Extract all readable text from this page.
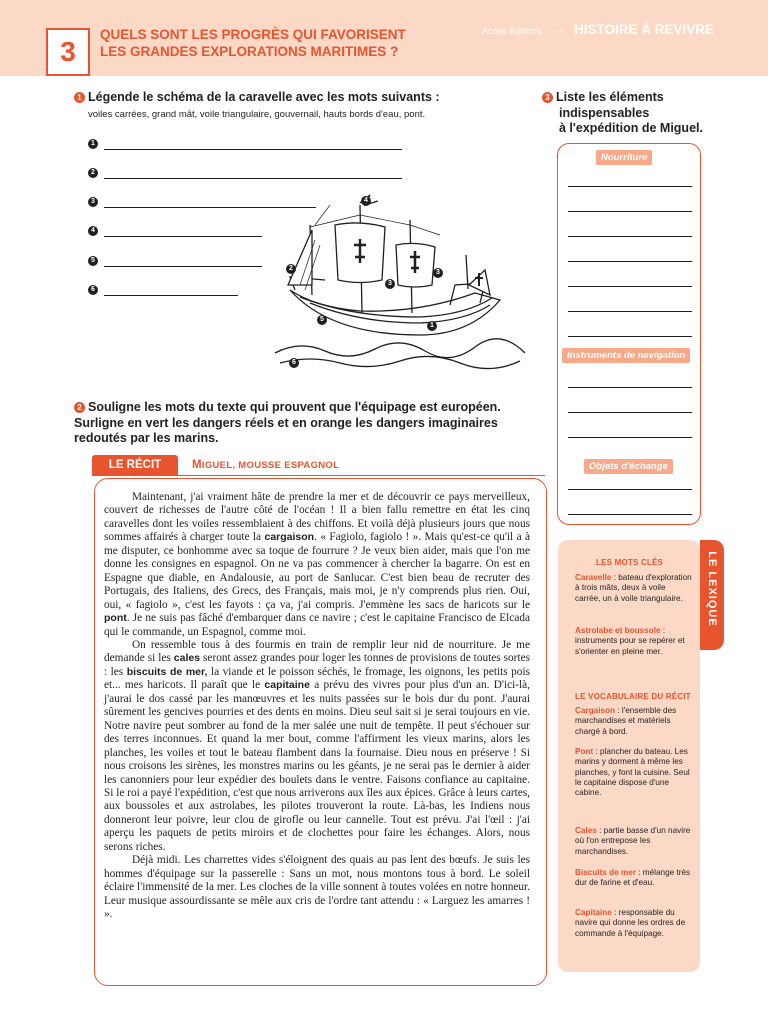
3
QUELS SONT LES PROGRÈS QUI FAVORISENT
LES GRANDES EXPLORATIONS MARITIMES ?
Accès Éditions ···› HISTOIRE À REVIVRE
1 Légende le schéma de la caravelle avec les mots suivants :
voiles carrées, grand mât, voile triangulaire, gouvernail, hauts bords d'eau, pont.
1
2
3
4
5
6
1
2
3
4
5
6
3
2 Souligne les mots du texte qui prouvent que l'équipage est européen. Surligne en vert les dangers réels et en orange les dangers imaginaires redoutés par les marins.
3 Liste les éléments
indispensables
à l'expédition de Miguel.
Nourriture
Instruments de navigation
Objets d'échange
LE RÉCIT	MIGUEL, MOUSSE ESPAGNOL

Maintenant, j'ai vraiment hâte de prendre la mer et de découvrir ce pays merveilleux, couvert de richesses de l'autre côté de l'océan ! Il a bien fallu remettre en état les cinq caravelles dont les voiles ressemblaient à des chiffons. Et voilà déjà plusieurs jours que nous sommes affairés à charger toute la cargaison. « Fagiolo, fagiolo ! ». Mais qu'est-ce qu'il a à me disputer, ce bonhomme avec sa toque de fourrure ? Je veux bien aider, mais que l'on me donne les consignes en espagnol. On ne va pas commencer à chercher la bagarre. On est en Espagne que diable, en Andalousie, au port de Sanlucar. C'est bien beau de recruter des Portugais, des Italiens, des Grecs, des Français, mais moi, je n'y comprends plus rien. Oui, oui, « fagiolo », c'est les fayots : ça va, j'ai compris. J'emmène les sacs de haricots sur le pont. Je ne suis pas fâché d'embarquer dans ce navire ; c'est le capitaine Francisco de Elcada qui le commande, un Espagnol, comme moi.

On ressemble tous à des fourmis en train de remplir leur nid de nourriture. Je me demande si les cales seront assez grandes pour loger les tonnes de provisions de toutes sortes : les biscuits de mer, la viande et le poisson séchés, le fromage, les oignons, les petits pois et... mes haricots. Il paraît que le capitaine a prévu des vivres pour plus d'un an. D'ici-là, j'aurai le dos cassé par les manœuvres et les nuits passées sur le bois dur du pont. J'aurai sûrement les gencives pourries et des dents en moins. Dieu seul sait si je serai toujours en vie. Notre navire peut sombrer au fond de la mer salée une nuit de tempête. Il peut s'échouer sur des terres inconnues. Et quand la mer bout, comme l'affirment les vieux marins, alors les planches, les voiles et tout le bateau flambent dans la fournaise. Dieu nous en préserve ! Si nous croisons les sirènes, les monstres marins ou les géants, je ne serai pas le dernier à aider les canonniers pour leur expédier des boulets dans le ventre. Faisons confiance au capitaine. Si le roi a payé l'expédition, c'est que nous arriverons aux îles aux épices. Grâce à leurs cartes, aux boussoles et aux astrolabes, les pilotes trouveront la route. Là-bas, les Indiens nous donneront leur poivre, leur clou de girofle ou leur cannelle. Tout est prévu. J'ai l'œil : j'ai aperçu les paquets de petits miroirs et de clochettes pour faire les échanges. Alors, nous serons riches.

Déjà midi. Les charrettes vides s'éloignent des quais au pas lent des bœufs. Je suis les hommes d'équipage sur la passerelle : Sans un mot, nous montons tous à bord. Le soleil éclaire l'immensité de la mer. Les cloches de la ville sonnent à toutes volées en notre honneur. Leur musique assourdissante se mêle aux cris de l'ordre tant attendu : « Larguez les amarres ! ».

LE LEXIQUE
LES MOTS CLÉS
Caravelle : bateau d'exploration à trois mâts, deux à voile carrée, un à voile triangulaire.
Astrolabe et boussole : instruments pour se repérer et s'orienter en pleine mer.
LE VOCABULAIRE DU RÉCIT
Cargaison : l'ensemble des marchandises et matériels chargé à bord.
Pont : plancher du bateau. Les marins y dorment à même les planches, y font la cuisine. Seul le capitaine dispose d'une cabine.
Cales : partie basse d'un navire où l'on entrepose les marchandises.
Biscuits de mer : mélange très dur de farine et d'eau.
Capitaine : responsable du navire qui donne les ordres de commande à l'équipage.
